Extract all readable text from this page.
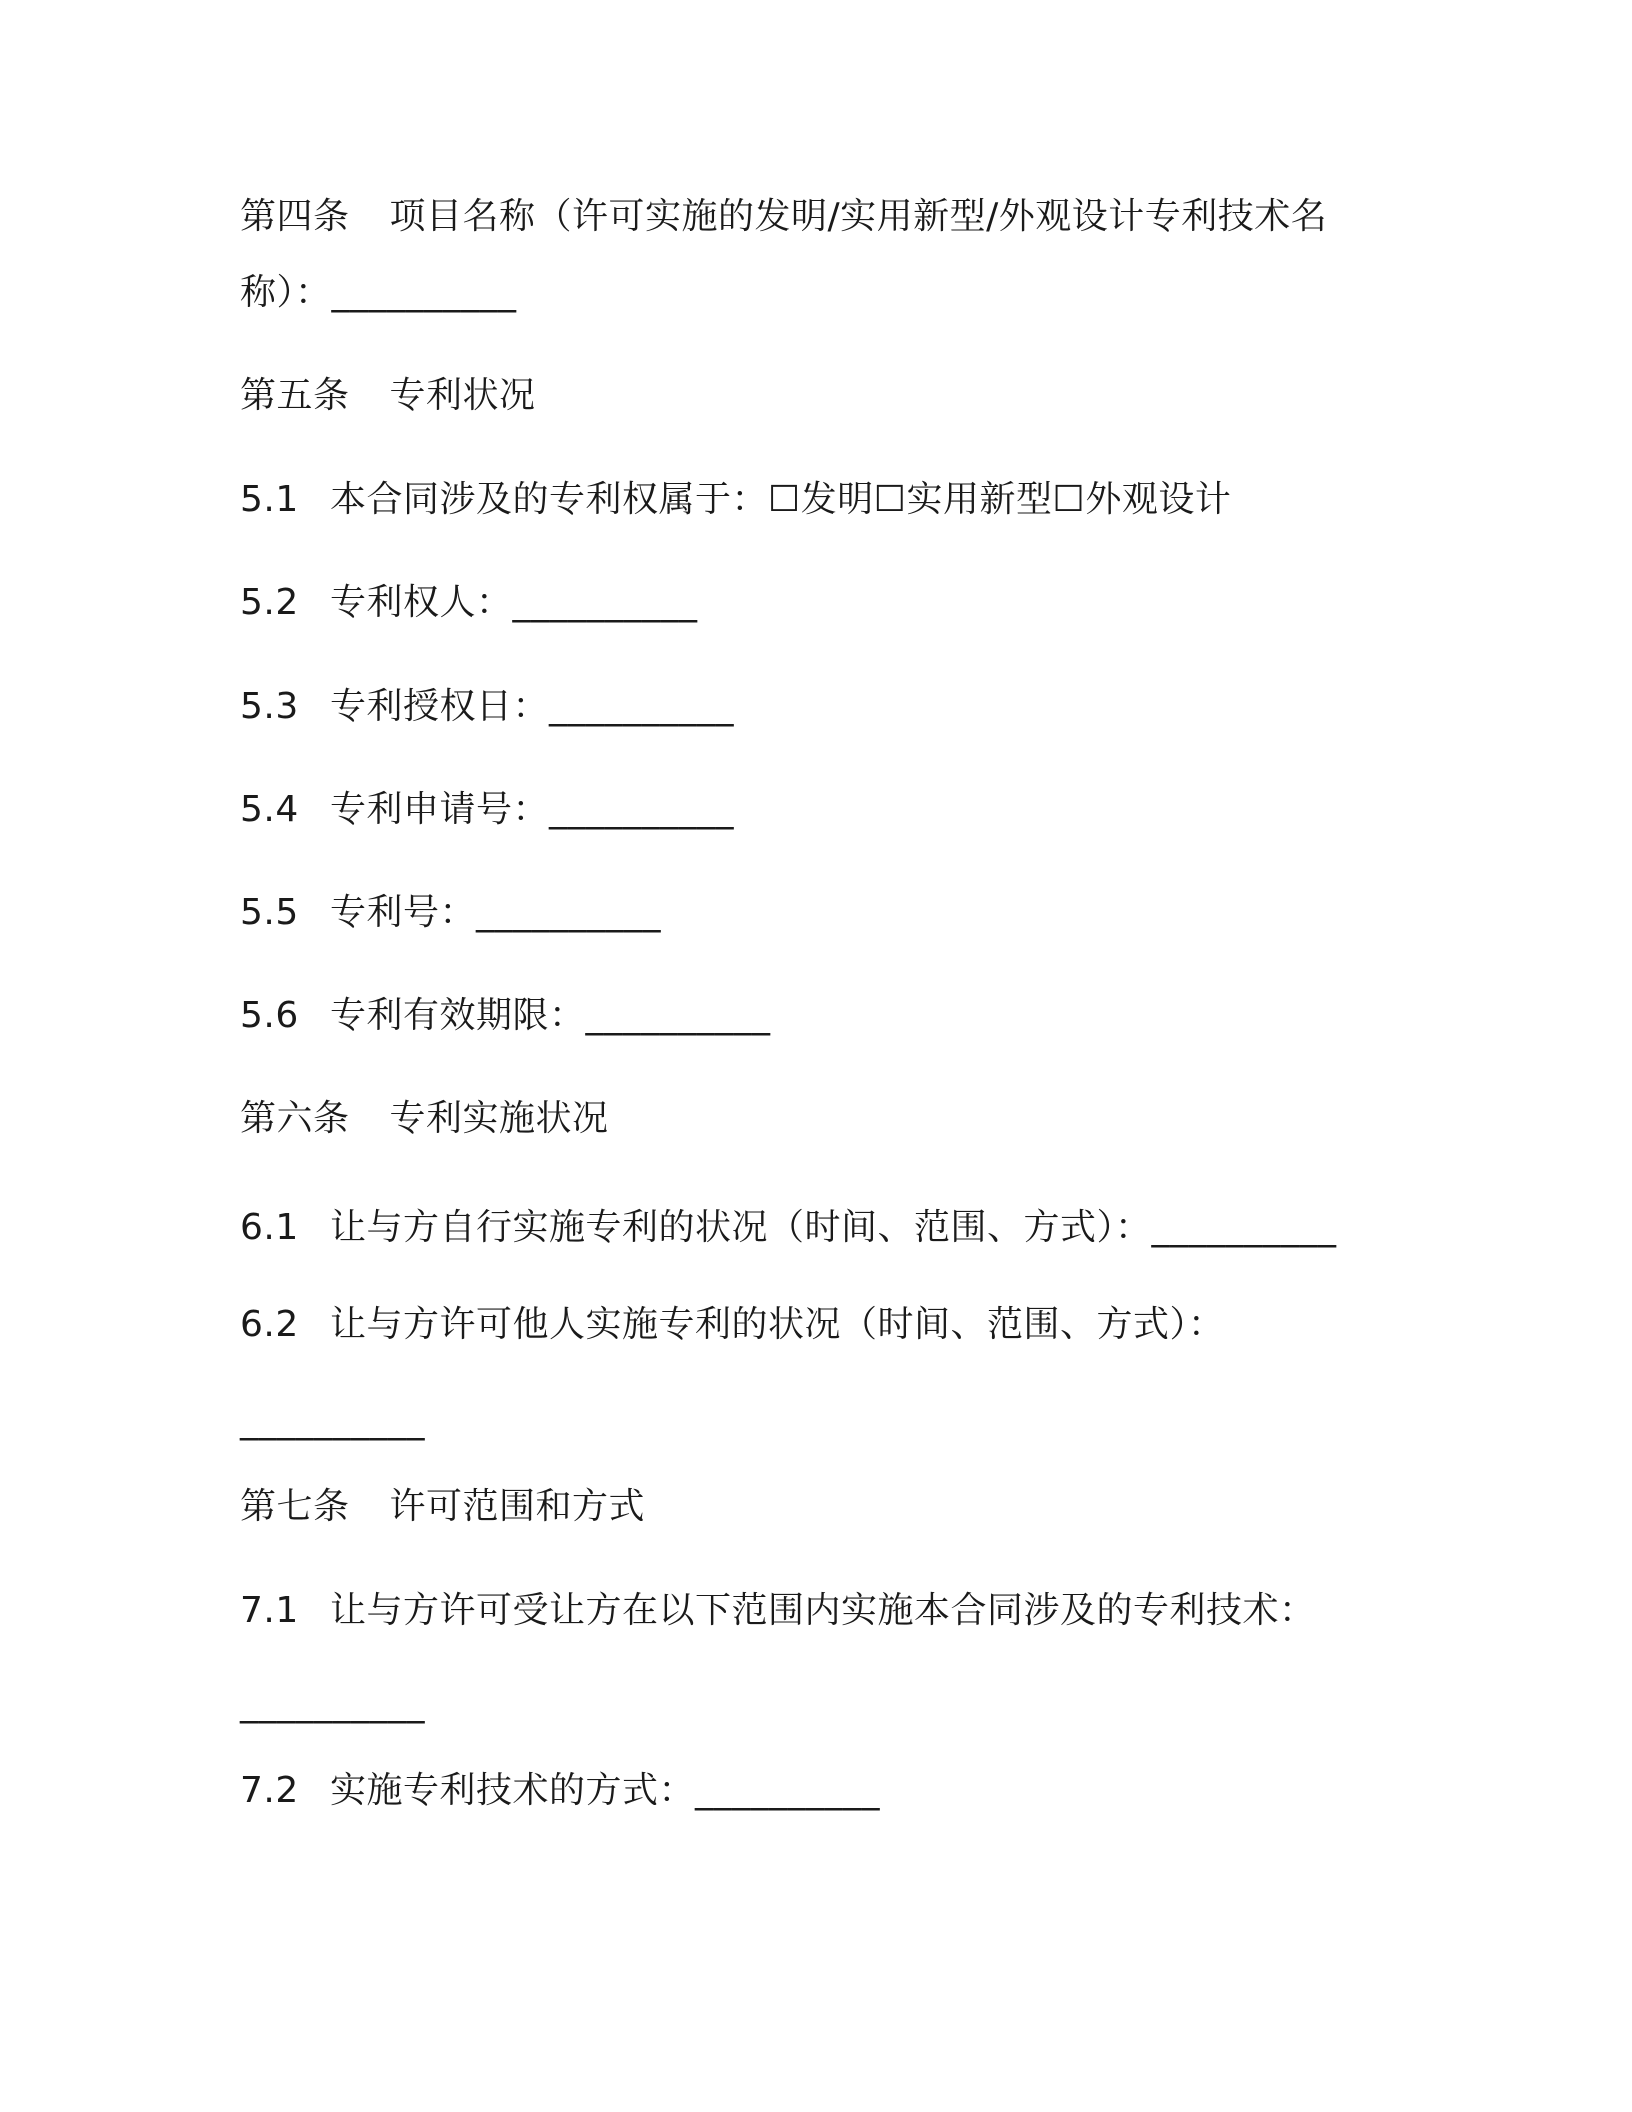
第四条 项目名称（许可实施的发明/实用新型/外观设计专利技术名
称）：__________
第五条 专利状况
5.1 本合同涉及的专利权属于：☐发明☐实用新型☐外观设计
5.2 专利权人：__________
5.3 专利授权日：__________
5.4 专利申请号：__________
5.5 专利号：__________
5.6 专利有效期限：__________
第六条 专利实施状况
6.1 让与方自行实施专利的状况（时间、范围、方式）：__________
6.2 让与方许可他人实施专利的状况（时间、范围、方式）：
__________
第七条 许可范围和方式
7.1 让与方许可受让方在以下范围内实施本合同涉及的专利技术：
__________
7.2 实施专利技术的方式：__________
